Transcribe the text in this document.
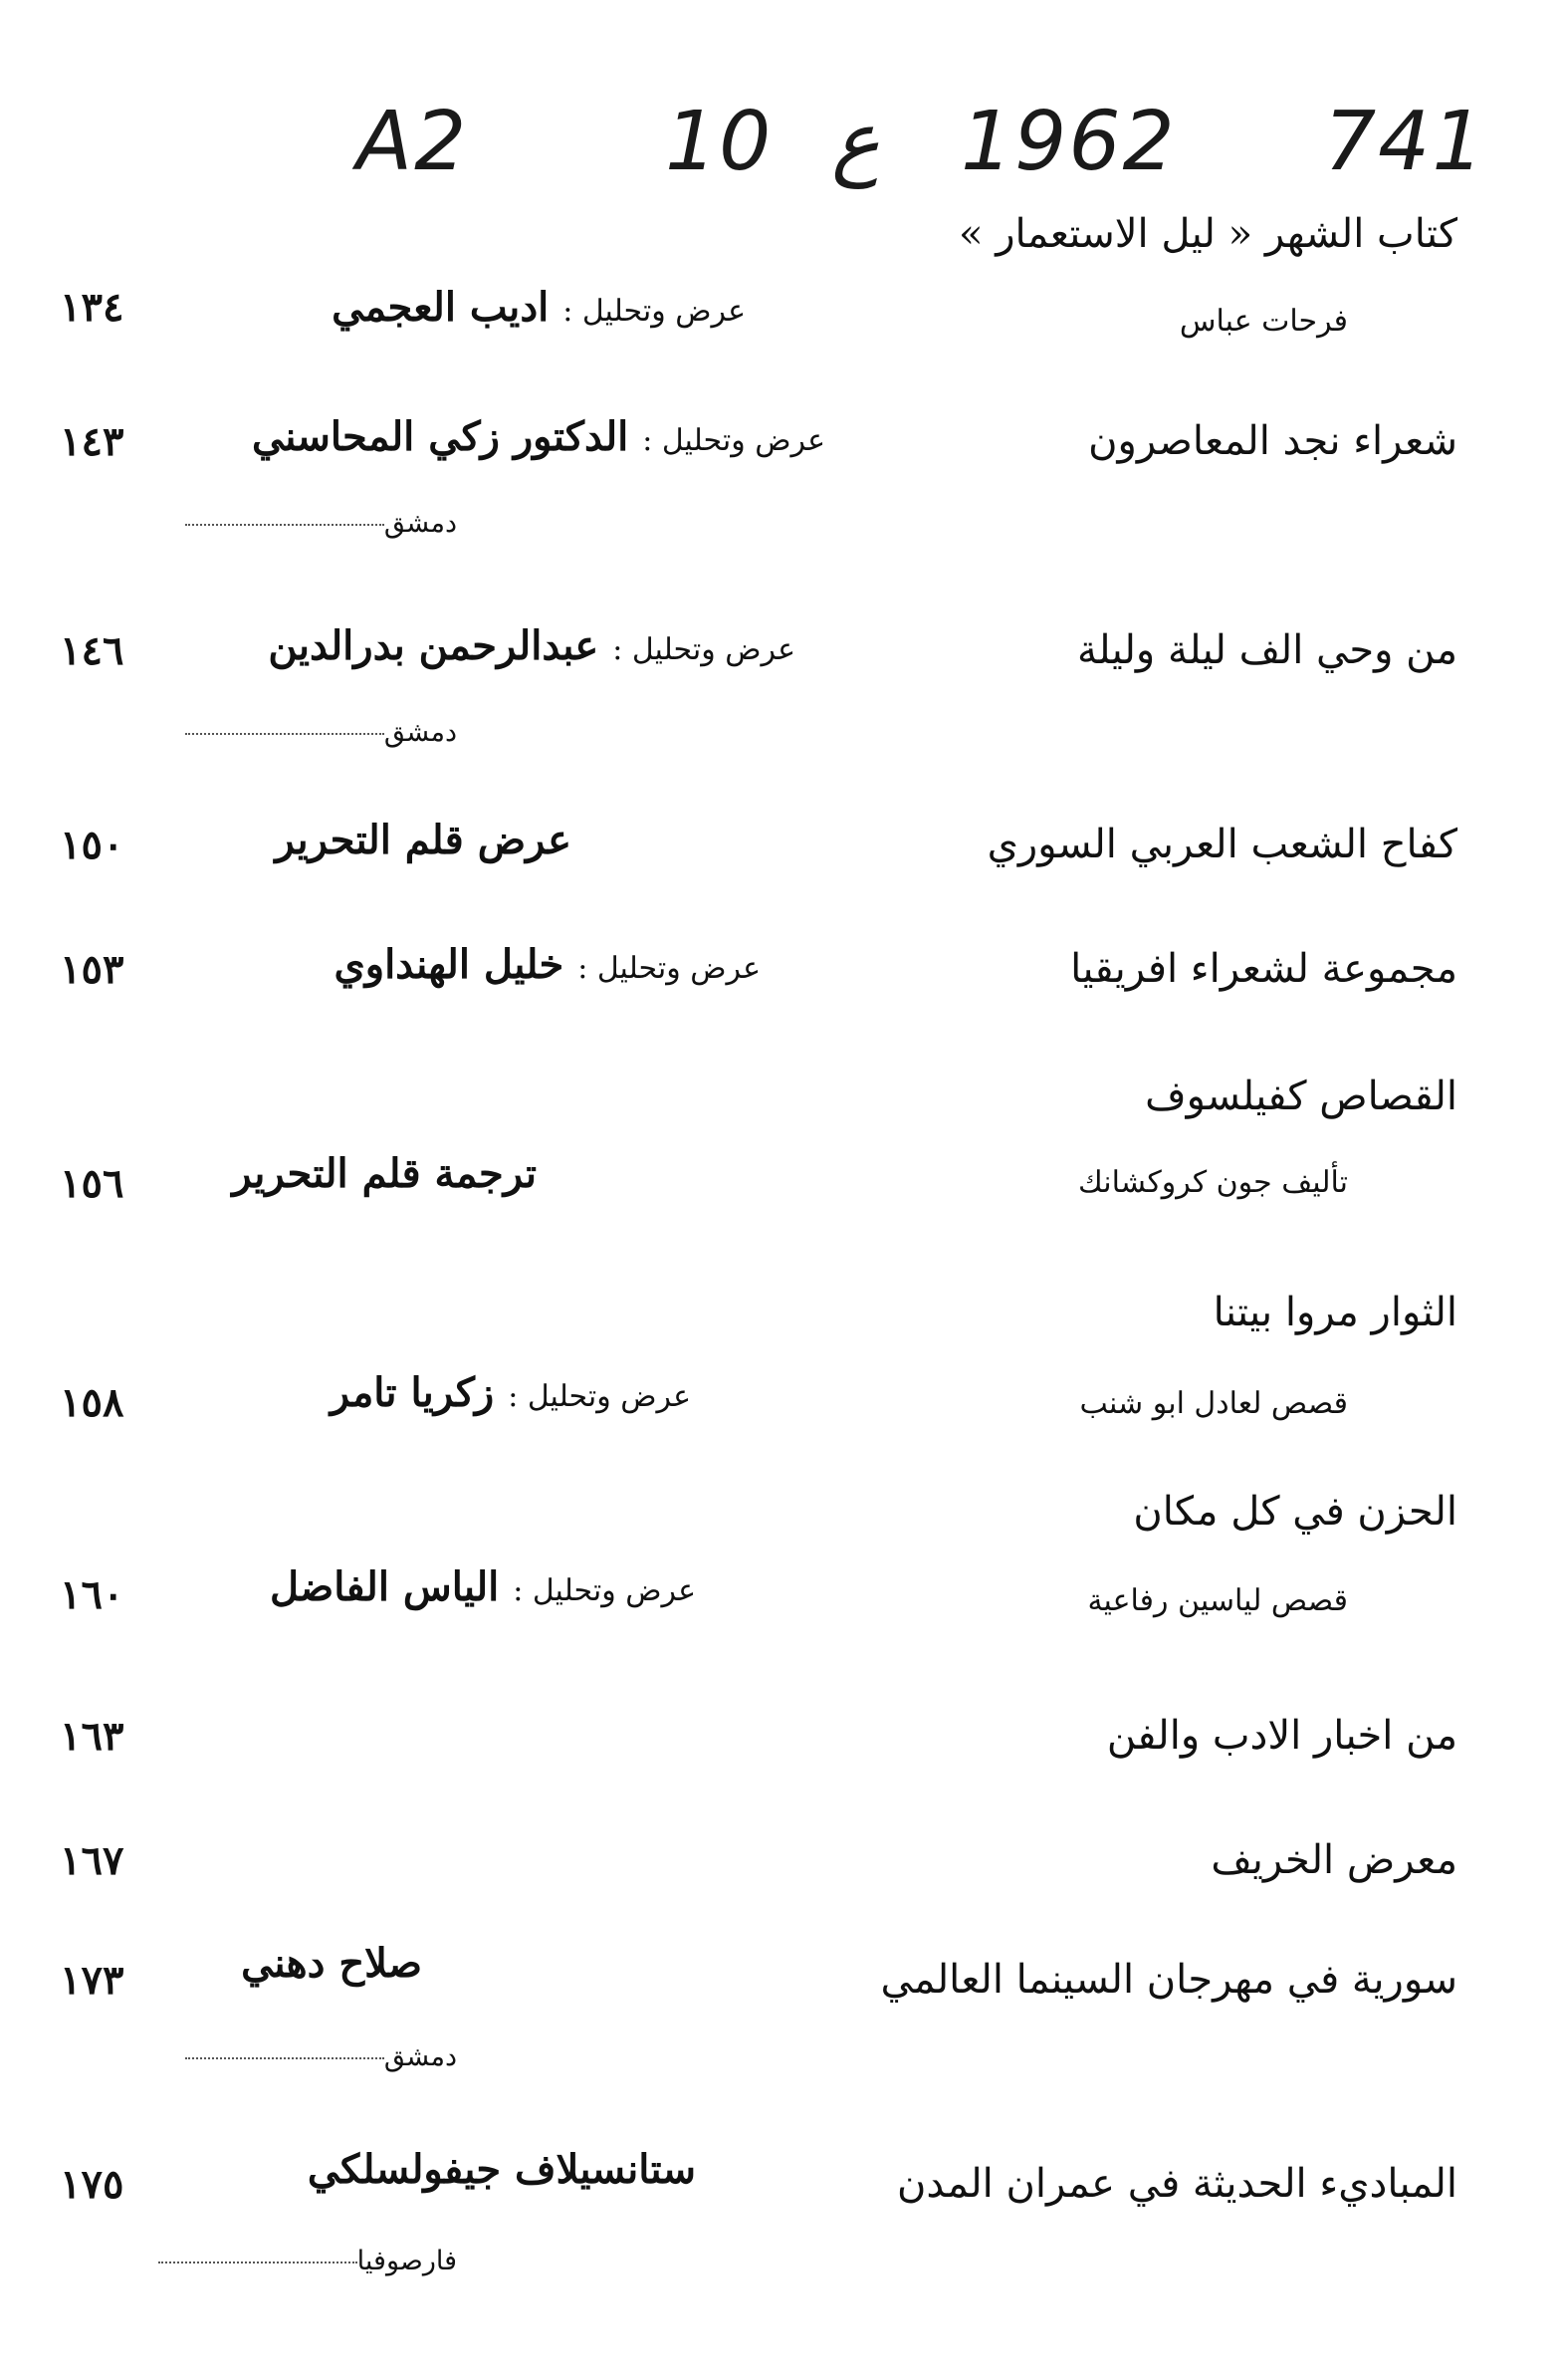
A2 10 ع 1962 741
كتاب الشهر « ليل الاستعمار »
فرحات عباس
عرض وتحليل : اديب العجمي
١٣٤
شعراء نجد المعاصرون
عرض وتحليل : الدكتور زكي المحاسني
١٤٣
دمشق
من وحي الف ليلة وليلة
عرض وتحليل : عبدالرحمن بدرالدين
١٤٦
دمشق
كفاح الشعب العربي السوري
عرض قلم التحرير
١٥٠
مجموعة لشعراء افريقيا
عرض وتحليل : خليل الهنداوي
١٥٣
القصاص كفيلسوف
تأليف جون كروكشانك
ترجمة قلم التحرير
١٥٦
الثوار مروا بيتنا
قصص لعادل ابو شنب
عرض وتحليل : زكريا تامر
١٥٨
الحزن في كل مكان
قصص لياسين رفاعية
عرض وتحليل : الياس الفاضل
١٦٠
من اخبار الادب والفن
١٦٣
معرض الخريف
١٦٧
سورية في مهرجان السينما العالمي
صلاح دهني
١٧٣
دمشق
المباديء الحديثة في عمران المدن
ستانسيلاف جيفولسلكي
١٧٥
فارصوفيا
